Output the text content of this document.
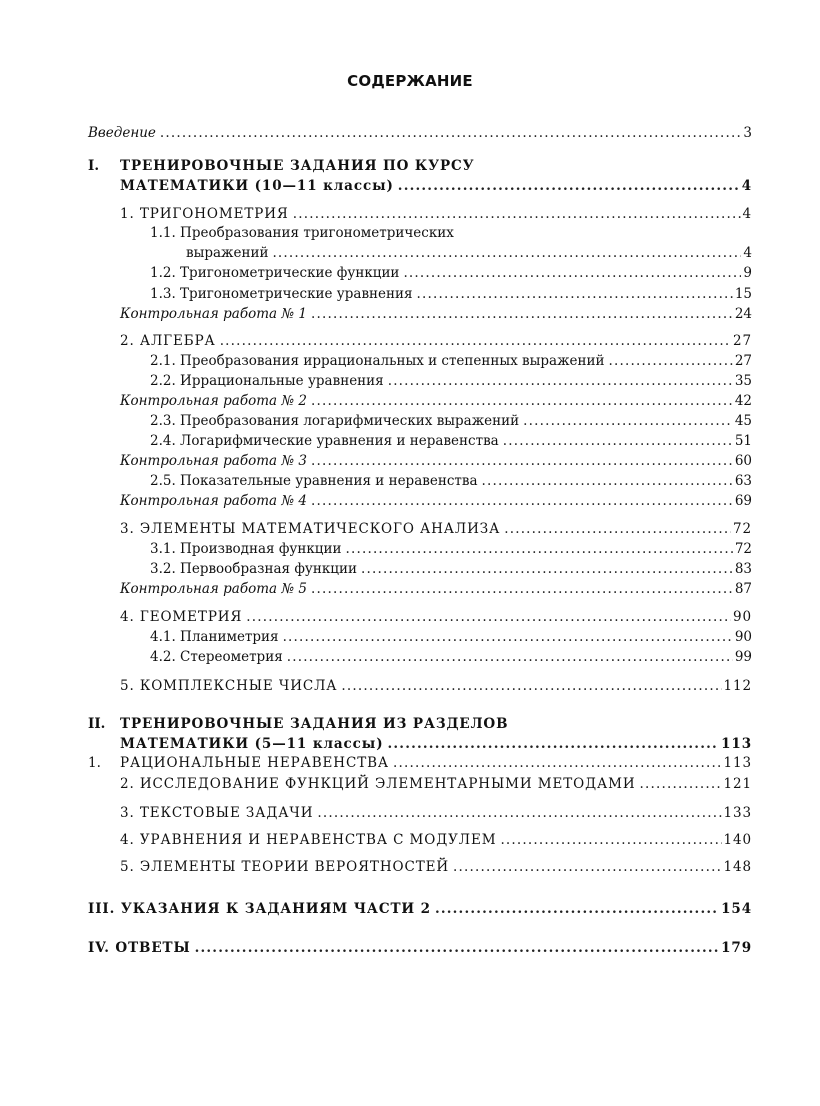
СОДЕРЖАНИЕ
Введение .....	3
I. ТРЕНИРОВОЧНЫЕ ЗАДАНИЯ ПО КУРСУ
МАТЕМАТИКИ (10—11 классы) .....	4
1. ТРИГОНОМЕТРИЯ .....	4
1.1. Преобразования тригонометрических
выражений .....	4
1.2. Тригонометрические функции .....	9
1.3. Тригонометрические уравнения .....	15
Контрольная работа № 1 .....	24
2. АЛГЕБРА .....	27
2.1. Преобразования иррациональных и степенных выражений .....	27
2.2. Иррациональные уравнения .....	35
Контрольная работа № 2 .....	42
2.3. Преобразования логарифмических выражений .....	45
2.4. Логарифмические уравнения и неравенства .....	51
Контрольная работа № 3 .....	60
2.5. Показательные уравнения и неравенства .....	63
Контрольная работа № 4 .....	69
3. ЭЛЕМЕНТЫ МАТЕМАТИЧЕСКОГО АНАЛИЗА .....	72
3.1. Производная функции .....	72
3.2. Первообразная функции .....	83
Контрольная работа № 5 .....	87
4. ГЕОМЕТРИЯ .....	90
4.1. Планиметрия .....	90
4.2. Стереометрия .....	99
5. КОМПЛЕКСНЫЕ ЧИСЛА .....	112
II. ТРЕНИРОВОЧНЫЕ ЗАДАНИЯ ИЗ РАЗДЕЛОВ
МАТЕМАТИКИ (5—11 классы) .....	113
1. РАЦИОНАЛЬНЫЕ НЕРАВЕНСТВА .....	113
2. ИССЛЕДОВАНИЕ ФУНКЦИЙ ЭЛЕМЕНТАРНЫМИ МЕТОДАМИ .....	121
3. ТЕКСТОВЫЕ ЗАДАЧИ .....	133
4. УРАВНЕНИЯ И НЕРАВЕНСТВА С МОДУЛЕМ .....	140
5. ЭЛЕМЕНТЫ ТЕОРИИ ВЕРОЯТНОСТЕЙ .....	148
III. УКАЗАНИЯ К ЗАДАНИЯМ ЧАСТИ 2 .....	154
IV. ОТВЕТЫ .....	179
